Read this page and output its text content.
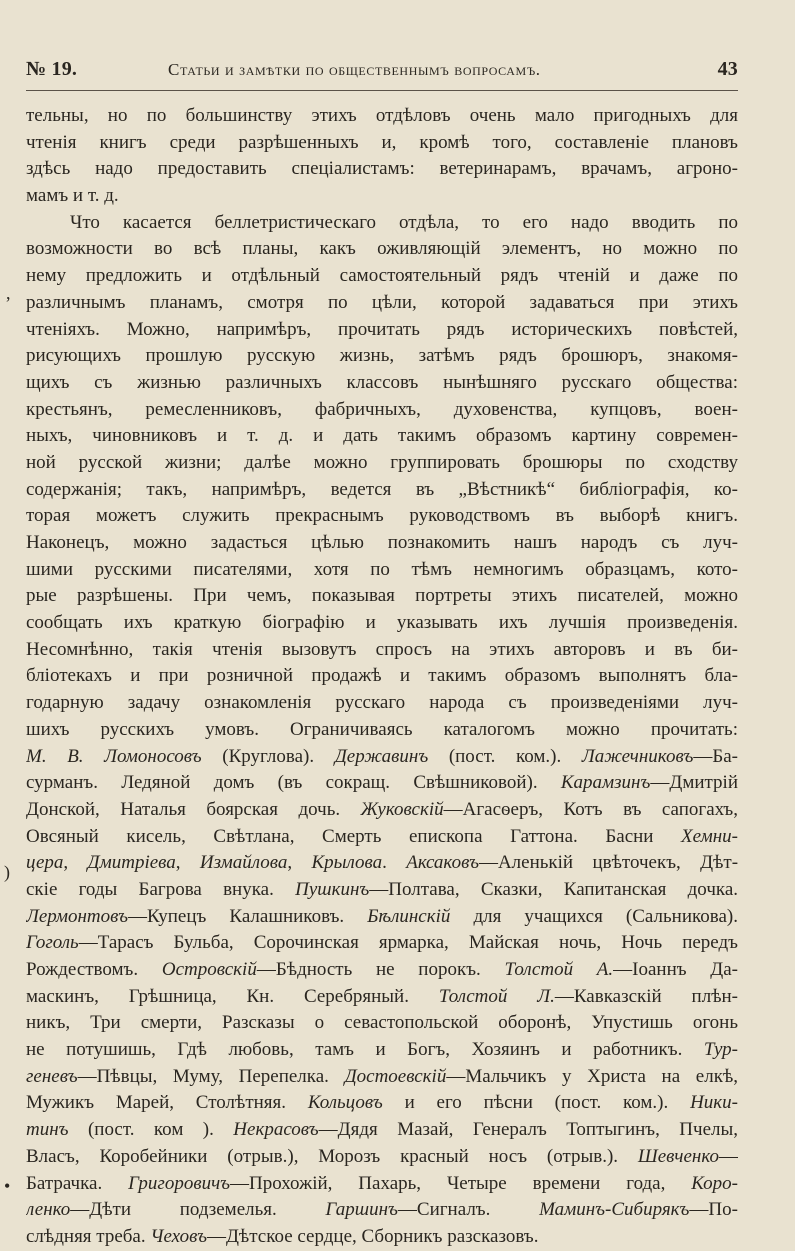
№ 19.	Статьи и замѣтки по общественнымъ вопросамъ.	43
тельны, но по большинству этихъ отдѣловъ очень мало пригодныхъ для
чтенія книгъ среди разрѣшенныхъ и, кромѣ того, составленіе плановъ
здѣсь надо предоставить спеціалистамъ: ветеринарамъ, врачамъ, агроно-
мамъ и т. д.
Что касается беллетристическаго отдѣла, то его надо вводить по
возможности во всѣ планы, какъ оживляющій элементъ, но можно по
нему предложить и отдѣльный самостоятельный рядъ чтеній и даже по
различнымъ планамъ, смотря по цѣли, которой задаваться при этихъ
чтеніяхъ. Можно, напримѣръ, прочитать рядъ историческихъ повѣстей,
рисующихъ прошлую русскую жизнь, затѣмъ рядъ брошюръ, знакомя-
щихъ съ жизнью различныхъ классовъ нынѣшняго русскаго общества:
крестьянъ, ремесленниковъ, фабричныхъ, духовенства, купцовъ, воен-
ныхъ, чиновниковъ и т. д. и дать такимъ образомъ картину современ-
ной русской жизни; далѣе можно группировать брошюры по сходству
содержанія; такъ, напримѣръ, ведется въ „Вѣстникѣ“ библіографія, ко-
торая можетъ служить прекраснымъ руководствомъ въ выборѣ книгъ.
Наконецъ, можно задасться цѣлью познакомить нашъ народъ съ луч-
шими русскими писателями, хотя по тѣмъ немногимъ образцамъ, кото-
рые разрѣшены. При чемъ, показывая портреты этихъ писателей, можно
сообщать ихъ краткую біографію и указывать ихъ лучшія произведенія.
Несомнѣнно, такія чтенія вызовутъ спросъ на этихъ авторовъ и въ би-
бліотекахъ и при розничной продажѣ и такимъ образомъ выполнятъ бла-
годарную задачу ознакомленія русскаго народа съ произведеніями луч-
шихъ русскихъ умовъ. Ограничиваясь каталогомъ можно прочитать:
М. В. Ломоносовъ (Круглова). Державинъ (пост. ком.). Лажечниковъ—Ба-
сурманъ. Ледяной домъ (въ сокращ. Свѣшниковой). Карамзинъ—Дмитрій
Донской, Наталья боярская дочь. Жуковскій—Агасѳеръ, Котъ въ сапогахъ,
Овсяный кисель, Свѣтлана, Смерть епископа Гаттона. Басни Хемни-
цера, Дмитріева, Измайлова, Крылова. Аксаковъ—Аленькій цвѣточекъ, Дѣт-
скіе годы Багрова внука. Пушкинъ—Полтава, Сказки, Капитанская дочка.
Лермонтовъ—Купецъ Калашниковъ. Бѣлинскій для учащихся (Сальникова).
Гоголь—Тарасъ Бульба, Сорочинская ярмарка, Майская ночь, Ночь передъ
Рождествомъ. Островскій—Бѣдность не порокъ. Толстой А.—Іоаннъ Да-
маскинъ, Грѣшница, Кн. Серебряный. Толстой Л.—Кавказскій плѣн-
никъ, Три смерти, Разсказы о севастопольской оборонѣ, Упустишь огонь
не потушишь, Гдѣ любовь, тамъ и Богъ, Хозяинъ и работникъ. Тур-
геневъ—Пѣвцы, Муму, Перепелка. Достоевскій—Мальчикъ у Христа на елкѣ,
Мужикъ Марей, Столѣтняя. Кольцовъ и его пѣсни (пост. ком.). Ники-
тинъ (пост. ком ). Некрасовъ—Дядя Мазай, Генералъ Топтыгинъ, Пчелы,
Власъ, Коробейники (отрыв.), Морозъ красный носъ (отрыв.). Шевченко—
Батрачка. Григоровичъ—Прохожій, Пахарь, Четыре времени года, Коро-
ленко—Дѣти подземелья. Гаршинъ—Сигналъ. Маминъ-Сибирякъ—По-
слѣдняя треба. Чеховъ—Дѣтское сердце, Сборникъ разсказовъ.
,
)
•
